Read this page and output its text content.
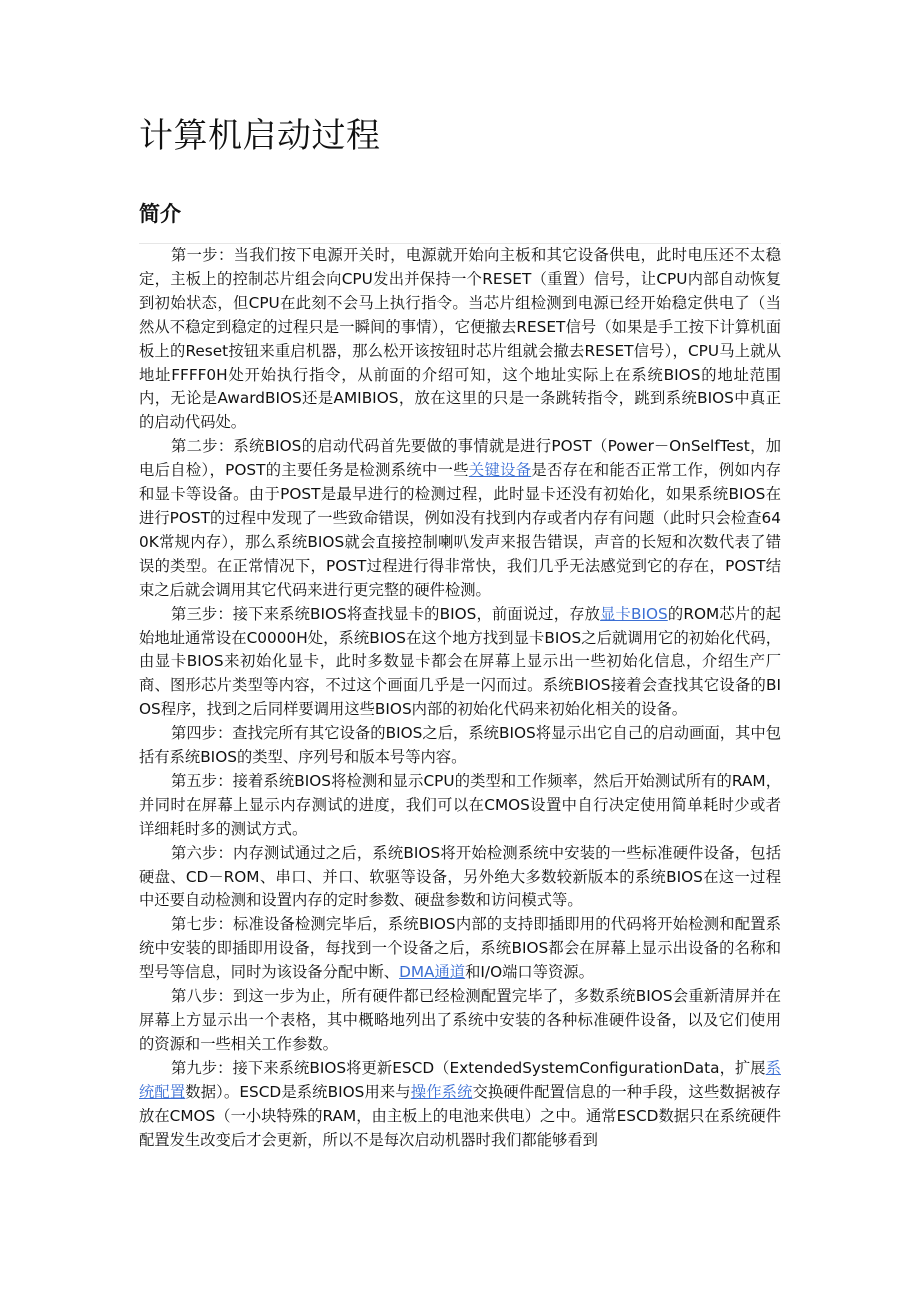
计算机启动过程
简介

第一步：当我们按下电源开关时，电源就开始向主板和其它设备供电，此时电压还不太稳定，主板上的控制芯片组会向CPU发出并保持一个RESET（重置）信号，让CPU内部自动恢复到初始状态，但CPU在此刻不会马上执行指令。当芯片组检测到电源已经开始稳定供电了（当然从不稳定到稳定的过程只是一瞬间的事情），它便撤去RESET信号（如果是手工按下计算机面板上的Reset按钮来重启机器，那么松开该按钮时芯片组就会撤去RESET信号），CPU马上就从地址FFFF0H处开始执行指令，从前面的介绍可知，这个地址实际上在系统BIOS的地址范围内，无论是AwardBIOS还是AMIBIOS，放在这里的只是一条跳转指令，跳到系统BIOS中真正的启动代码处。

第二步：系统BIOS的启动代码首先要做的事情就是进行POST（Power－OnSelfTest，加电后自检），POST的主要任务是检测系统中一些关键设备是否存在和能否正常工作，例如内存和显卡等设备。由于POST是最早进行的检测过程，此时显卡还没有初始化，如果系统BIOS在进行POST的过程中发现了一些致命错误，例如没有找到内存或者内存有问题（此时只会检查640K常规内存），那么系统BIOS就会直接控制喇叭发声来报告错误，声音的长短和次数代表了错误的类型。在正常情况下，POST过程进行得非常快，我们几乎无法感觉到它的存在，POST结束之后就会调用其它代码来进行更完整的硬件检测。

第三步：接下来系统BIOS将查找显卡的BIOS，前面说过，存放显卡BIOS的ROM芯片的起始地址通常设在C0000H处，系统BIOS在这个地方找到显卡BIOS之后就调用它的初始化代码，由显卡BIOS来初始化显卡，此时多数显卡都会在屏幕上显示出一些初始化信息，介绍生产厂商、图形芯片类型等内容，不过这个画面几乎是一闪而过。系统BIOS接着会查找其它设备的BIOS程序，找到之后同样要调用这些BIOS内部的初始化代码来初始化相关的设备。

第四步：查找完所有其它设备的BIOS之后，系统BIOS将显示出它自己的启动画面，其中包括有系统BIOS的类型、序列号和版本号等内容。

第五步：接着系统BIOS将检测和显示CPU的类型和工作频率，然后开始测试所有的RAM，并同时在屏幕上显示内存测试的进度，我们可以在CMOS设置中自行决定使用简单耗时少或者详细耗时多的测试方式。

第六步：内存测试通过之后，系统BIOS将开始检测系统中安装的一些标准硬件设备，包括硬盘、CD－ROM、串口、并口、软驱等设备，另外绝大多数较新版本的系统BIOS在这一过程中还要自动检测和设置内存的定时参数、硬盘参数和访问模式等。

第七步：标准设备检测完毕后，系统BIOS内部的支持即插即用的代码将开始检测和配置系统中安装的即插即用设备，每找到一个设备之后，系统BIOS都会在屏幕上显示出设备的名称和型号等信息，同时为该设备分配中断、DMA通道和I/O端口等资源。

第八步：到这一步为止，所有硬件都已经检测配置完毕了，多数系统BIOS会重新清屏并在屏幕上方显示出一个表格，其中概略地列出了系统中安装的各种标准硬件设备，以及它们使用的资源和一些相关工作参数。

第九步：接下来系统BIOS将更新ESCD（ExtendedSystemConfigurationData，扩展系统配置数据）。ESCD是系统BIOS用来与操作系统交换硬件配置信息的一种手段，这些数据被存放在CMOS（一小块特殊的RAM，由主板上的电池来供电）之中。通常ESCD数据只在系统硬件配置发生改变后才会更新，所以不是每次启动机器时我们都能够看到
